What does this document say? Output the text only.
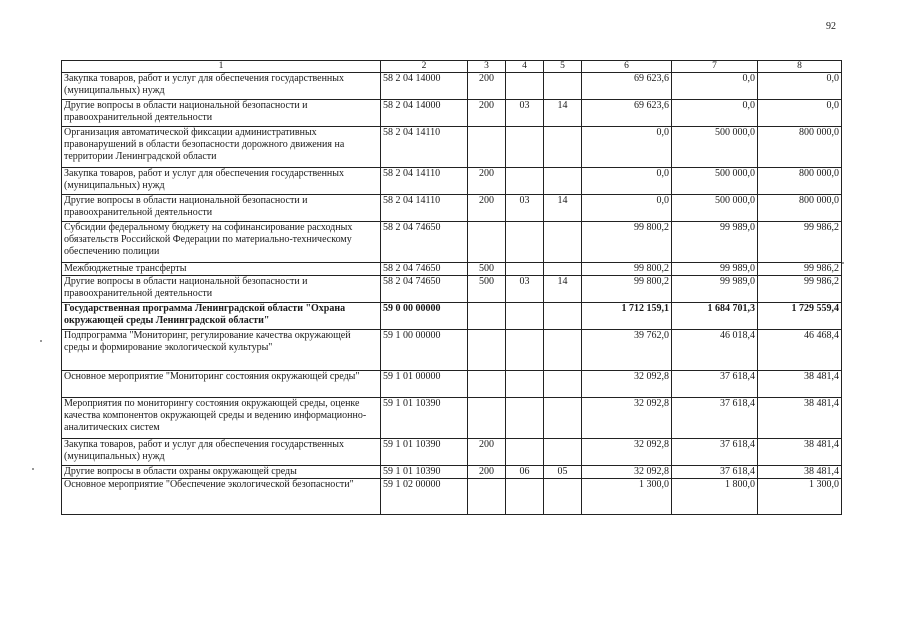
92
1	2	3	4	5	6	7	8
Закупка товаров, работ и услуг для обеспечения государственных (муниципальных) нужд	58 2 04 14000	200			69 623,6	0,0	0,0
Другие вопросы в области национальной безопасности и правоохранительной деятельности	58 2 04 14000	200	03	14	69 623,6	0,0	0,0
Организация автоматической фиксации административных правонарушений в области безопасности дорожного движения на территории Ленинградской области	58 2 04 14110				0,0	500 000,0	800 000,0
Закупка товаров, работ и услуг для обеспечения государственных (муниципальных) нужд	58 2 04 14110	200			0,0	500 000,0	800 000,0
Другие вопросы в области национальной безопасности и правоохранительной деятельности	58 2 04 14110	200	03	14	0,0	500 000,0	800 000,0
Субсидии федеральному бюджету на софинансирование расходных обязательств Российской Федерации по материально-техническому обеспечению полиции	58 2 04 74650				99 800,2	99 989,0	99 986,2
Межбюджетные трансферты	58 2 04 74650	500			99 800,2	99 989,0	99 986,2
Другие вопросы в области национальной безопасности и правоохранительной деятельности	58 2 04 74650	500	03	14	99 800,2	99 989,0	99 986,2
Государственная программа Ленинградской области "Охрана окружающей среды Ленинградской области"	59 0 00 00000				1 712 159,1	1 684 701,3	1 729 559,4
Подпрограмма "Мониторинг, регулирование качества окружающей среды и формирование экологической культуры"	59 1 00 00000				39 762,0	46 018,4	46 468,4
Основное мероприятие "Мониторинг состояния окружающей среды"	59 1 01 00000				32 092,8	37 618,4	38 481,4
Мероприятия по мониторингу состояния окружающей среды, оценке качества компонентов окружающей среды и ведению информационно-аналитических систем	59 1 01 10390				32 092,8	37 618,4	38 481,4
Закупка товаров, работ и услуг для обеспечения государственных (муниципальных) нужд	59 1 01 10390	200			32 092,8	37 618,4	38 481,4
Другие вопросы в области охраны окружающей среды	59 1 01 10390	200	06	05	32 092,8	37 618,4	38 481,4
Основное мероприятие "Обеспечение экологической безопасности"	59 1 02 00000				1 300,0	1 800,0	1 300,0
